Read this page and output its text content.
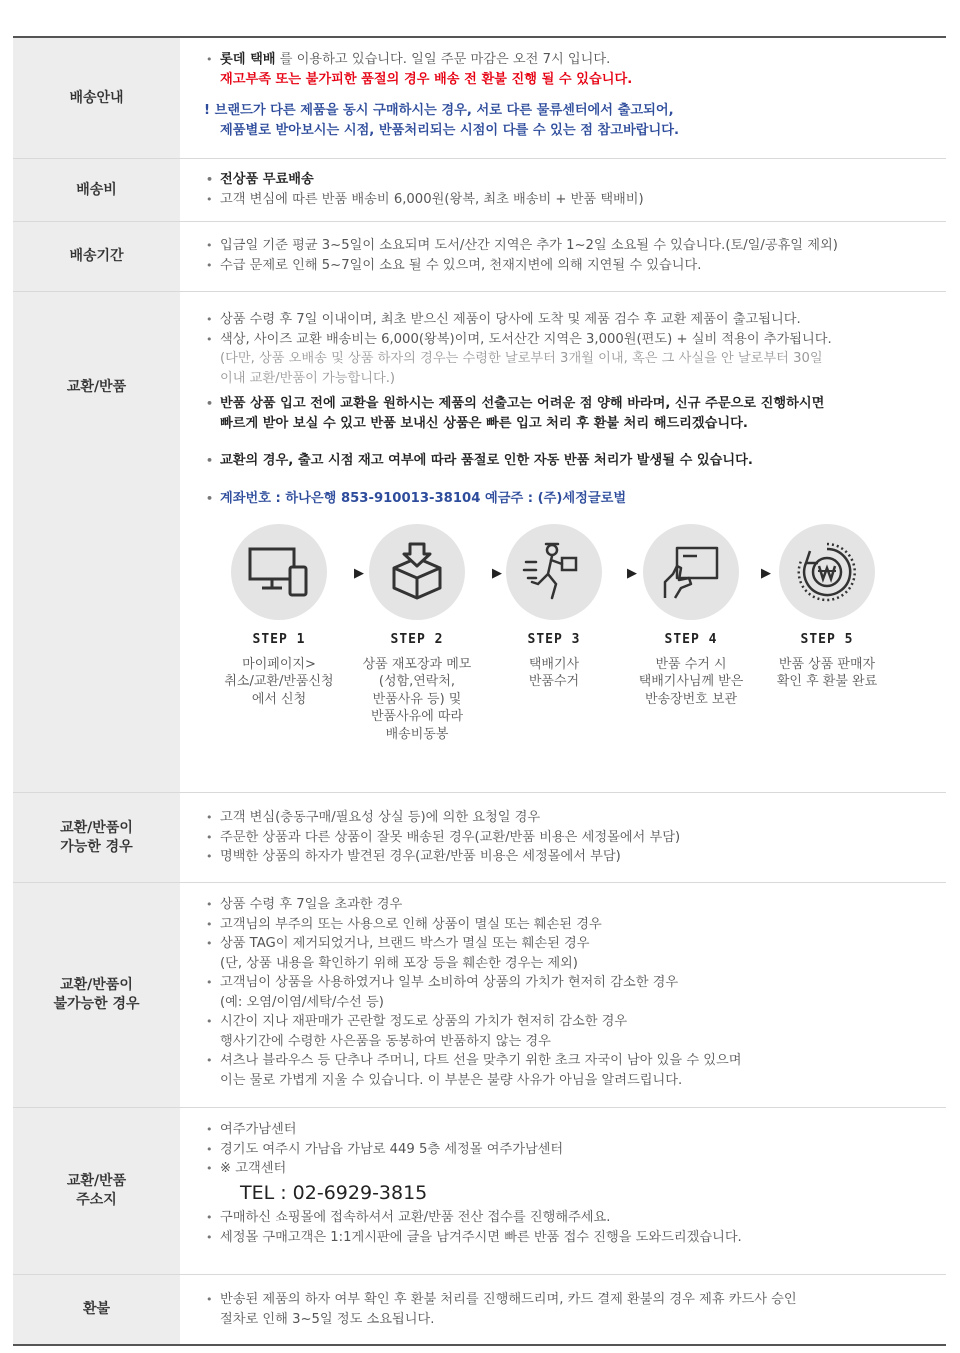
배송안내
• 롯데 택배 를 이용하고 있습니다. 일일 주문 마감은 오전 7시 입니다.
재고부족 또는 불가피한 품절의 경우 배송 전 환불 진행 될 수 있습니다.
! 브랜드가 다른 제품을 동시 구매하시는 경우, 서로 다른 물류센터에서 출고되어,
제품별로 받아보시는 시점, 반품처리되는 시점이 다를 수 있는 점 참고바랍니다.
배송비
• 전상품 무료배송
• 고객 변심에 따른 반품 배송비 6,000원(왕복, 최초 배송비 + 반품 택배비)
배송기간
• 입금일 기준 평균 3~5일이 소요되며 도서/산간 지역은 추가 1~2일 소요될 수 있습니다.(토/일/공휴일 제외)
• 수급 문제로 인해 5~7일이 소요 될 수 있으며, 천재지변에 의해 지연될 수 있습니다.
교환/반품
• 상품 수령 후 7일 이내이며, 최초 받으신 제품이 당사에 도착 및 제품 검수 후 교환 제품이 출고됩니다.
• 색상, 사이즈 교환 배송비는 6,000(왕복)이며, 도서산간 지역은 3,000원(편도) + 실비 적용이 추가됩니다.
(다만, 상품 오배송 및 상품 하자의 경우는 수령한 날로부터 3개월 이내, 혹은 그 사실을 안 날로부터 30일
이내 교환/반품이 가능합니다.)
• 반품 상품 입고 전에 교환을 원하시는 제품의 선출고는 어려운 점 양해 바라며, 신규 주문으로 진행하시면
빠르게 받아 보실 수 있고 반품 보내신 상품은 빠른 입고 처리 후 환불 처리 해드리겠습니다.
• 교환의 경우, 출고 시점 재고 여부에 따라 품절로 인한 자동 반품 처리가 발생될 수 있습니다.
• 계좌번호 : 하나은행 853-910013-38104 예금주 : (주)세정글로벌
STEP 1
마이페이지>
취소/교환/반품신청
에서 신청
▶
STEP 2
상품 재포장과 메모
(성함,연락처,
반품사유 등) 및
반품사유에 따라
배송비동봉
▶
STEP 3
택배기사
반품수거
▶
STEP 4
반품 수거 시
택배기사님께 받은
반송장번호 보관
▶
STEP 5
반품 상품 판매자
확인 후 환불 완료
교환/반품이
가능한 경우
• 고객 변심(충동구매/필요성 상실 등)에 의한 요청일 경우
• 주문한 상품과 다른 상품이 잘못 배송된 경우(교환/반품 비용은 세정몰에서 부담)
• 명백한 상품의 하자가 발견된 경우(교환/반품 비용은 세정몰에서 부담)
교환/반품이
불가능한 경우
• 상품 수령 후 7일을 초과한 경우
• 고객님의 부주의 또는 사용으로 인해 상품이 멸실 또는 훼손된 경우
• 상품 TAG이 제거되었거나, 브랜드 박스가 멸실 또는 훼손된 경우
(단, 상품 내용을 확인하기 위해 포장 등을 훼손한 경우는 제외)
• 고객님이 상품을 사용하였거나 일부 소비하여 상품의 가치가 현저히 감소한 경우
(예: 오염/이염/세탁/수선 등)
• 시간이 지나 재판매가 곤란할 정도로 상품의 가치가 현저히 감소한 경우
행사기간에 수령한 사은품을 동봉하여 반품하지 않는 경우
• 셔츠나 블라우스 등 단추나 주머니, 다트 선을 맞추기 위한 초크 자국이 남아 있을 수 있으며
이는 물로 가볍게 지울 수 있습니다. 이 부분은 불량 사유가 아님을 알려드립니다.
교환/반품
주소지
• 여주가남센터
• 경기도 여주시 가남읍 가남로 449 5층 세정몰 여주가남센터
• ※ 고객센터
TEL : 02-6929-3815
• 구매하신 쇼핑몰에 접속하셔서 교환/반품 전산 접수를 진행해주세요.
• 세정몰 구매고객은 1:1게시판에 글을 남겨주시면 빠른 반품 접수 진행을 도와드리겠습니다.
환불
• 반송된 제품의 하자 여부 확인 후 환불 처리를 진행해드리며, 카드 결제 환불의 경우 제휴 카드사 승인
절차로 인해 3~5일 정도 소요됩니다.
